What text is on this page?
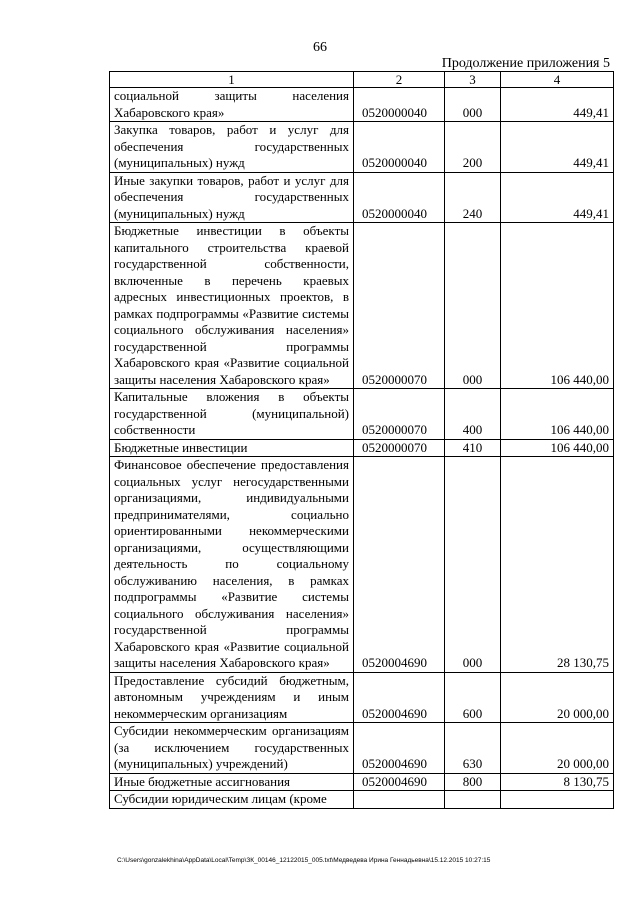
66
Продолжение приложения 5
1	2	3	4
социальной защиты населения Хабаровского края»	0520000040	000	449,41
Закупка товаров, работ и услуг для обеспечения государственных (муниципальных) нужд	0520000040	200	449,41
Иные закупки товаров, работ и услуг для обеспечения государственных (муниципальных) нужд	0520000040	240	449,41
Бюджетные инвестиции в объекты капитального строительства краевой государственной собственности, включенные в перечень краевых адресных инвестиционных проектов, в рамках подпрограммы «Развитие системы социального обслуживания населения» государственной программы Хабаровского края «Развитие социальной защиты населения Хабаровского края»	0520000070	000	106 440,00
Капитальные вложения в объекты государственной (муниципальной) собственности	0520000070	400	106 440,00
Бюджетные инвестиции	0520000070	410	106 440,00
Финансовое обеспечение предоставления социальных услуг негосударственными организациями, индивидуальными предпринимателями, социально ориентированными некоммерческими организациями, осуществляющими деятельность по социальному обслуживанию населения, в рамках подпрограммы «Развитие системы социального обслуживания населения» государственной программы Хабаровского края «Развитие социальной защиты населения Хабаровского края»	0520004690	000	28 130,75
Предоставление субсидий бюджетным, автономным учреждениям и иным некоммерческим организациям	0520004690	600	20 000,00
Субсидии некоммерческим организациям (за исключением государственных (муниципальных) учреждений)	0520004690	630	20 000,00
Иные бюджетные ассигнования	0520004690	800	8 130,75
Субсидии юридическим лицам (кроме			
C:\Users\gonzalekhina\AppData\Local\Temp\ЗК_00146_12122015_005.txt\Медведева Ирина Геннадьевна\15.12.2015 10:27:15
